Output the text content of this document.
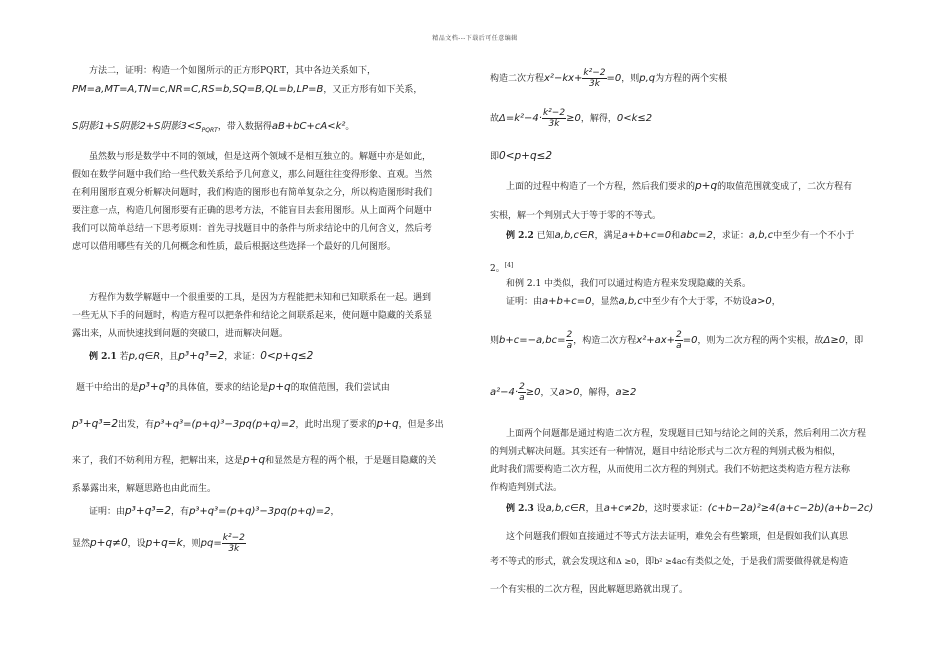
精品文档---下载后可任意编辑
方法二，证明：构造一个如图所示的正方形PQRT，其中各边关系如下，
PM=a,MT=A,TN=c,NR=C,RS=b,SQ=B,QL=b,LP=B，又正方形有如下关系，
S阴影1+S阴影2+S阴影$3<S_{PQRT}$，带入数据得aB+bC+cA<k²。
虽然数与形是数学中不同的领域，但是这两个领域不是相互独立的。解题中亦是如此，
假如在数学问题中我们给一些代数关系给予几何意义，那么问题往往变得形象、直观。当然
在利用图形直观分析解决问题时，我们构造的图形也有简单复杂之分，所以构造图形时我们
要注意一点，构造几何图形要有正确的思考方法，不能盲目去套用图形。从上面两个问题中
我们可以简单总结一下思考原则：首先寻找题目中的条件与所求结论中的几何含义，然后考
虑可以借用哪些有关的几何概念和性质，最后根据这些选择一个最好的几何图形。
方程作为数学解题中一个很重要的工具，是因为方程能把未知和已知联系在一起。遇到
一些无从下手的问题时，构造方程可以把条件和结论之间联系起来，使问题中隐藏的关系显
露出来，从而快速找到问题的突破口，进而解决问题。
例 2.1 若p,q∈R，且p³+q³=2，求证：0<p+q≤2
题干中给出的是p³+q³的具体值，要求的结论是p+q的取值范围，我们尝试由
p³+q³=2出发，有p³+q³=(p+q)³−3pq(p+q)=2，此时出现了要求的p+q，但是多出
来了，我们不妨利用方程，把解出来，这是p+q和显然是方程的两个根，于是题目隐藏的关
系暴露出来，解题思路也由此而生。
证明：由p³+q³=2，有p³+q³=(p+q)³−3pq(p+q)=2，
显然p+q≠0，设p+q=k，则$pq= \frac{\text{k²−2}}{3k}$
构造二次方程$x^2-kx+ \frac{\text{k²−2}}{3k} =0$，则p,q为方程的两个实根
故$\Delta=k^2-4\cdot \frac{\text{k²−2}}{3k} \ge 0$，解得，0<k≤2
即0<p+q≤2
上面的过程中构造了一个方程，然后我们要求的p+q的取值范围就变成了，二次方程有
实根，解一个判别式大于等于零的不等式。
例 2.2 已知a,b,c∈R，满足a+b+c=0和abc=2，求证：a,b,c中至少有一个不小于
2。[4]
和例 2.1 中类似，我们可以通过构造方程来发现隐藏的关系。
证明：由a+b+c=0，显然a,b,c中至少有个大于零，不妨设a>0，
则$b+c=-a,bc= \frac{2}{a}$ ，构造二次方程$x^2+ax+ \frac{2}{a} =0$，则为二次方程的两个实根，故Δ≥0，即
$a^2-4\cdot \frac{2}{a} \ge 0$，又a>0，解得，a≥2
上面两个问题都是通过构造二次方程，发现题目已知与结论之间的关系，然后利用二次方程
的判别式解决问题。其实还有一种情况，题目中结论形式与二次方程的判别式极为相似，
此时我们需要构造二次方程，从而使用二次方程的判别式。我们不妨把这类构造方程方法称
作构造判别式法。
例 2.3 设a,b,c∈R，且a+c≠2b，这时要求证：(c+b−2a)²≥4(a+c−2b)(a+b−2c)
这个问题我们假如直接通过不等式方法去证明，难免会有些繁琐，但是假如我们认真思
考不等式的形式，就会发现这和Δ ≥0，即b² ≥4ac有类似之处，于是我们需要做得就是构造
一个有实根的二次方程，因此解题思路就出现了。
